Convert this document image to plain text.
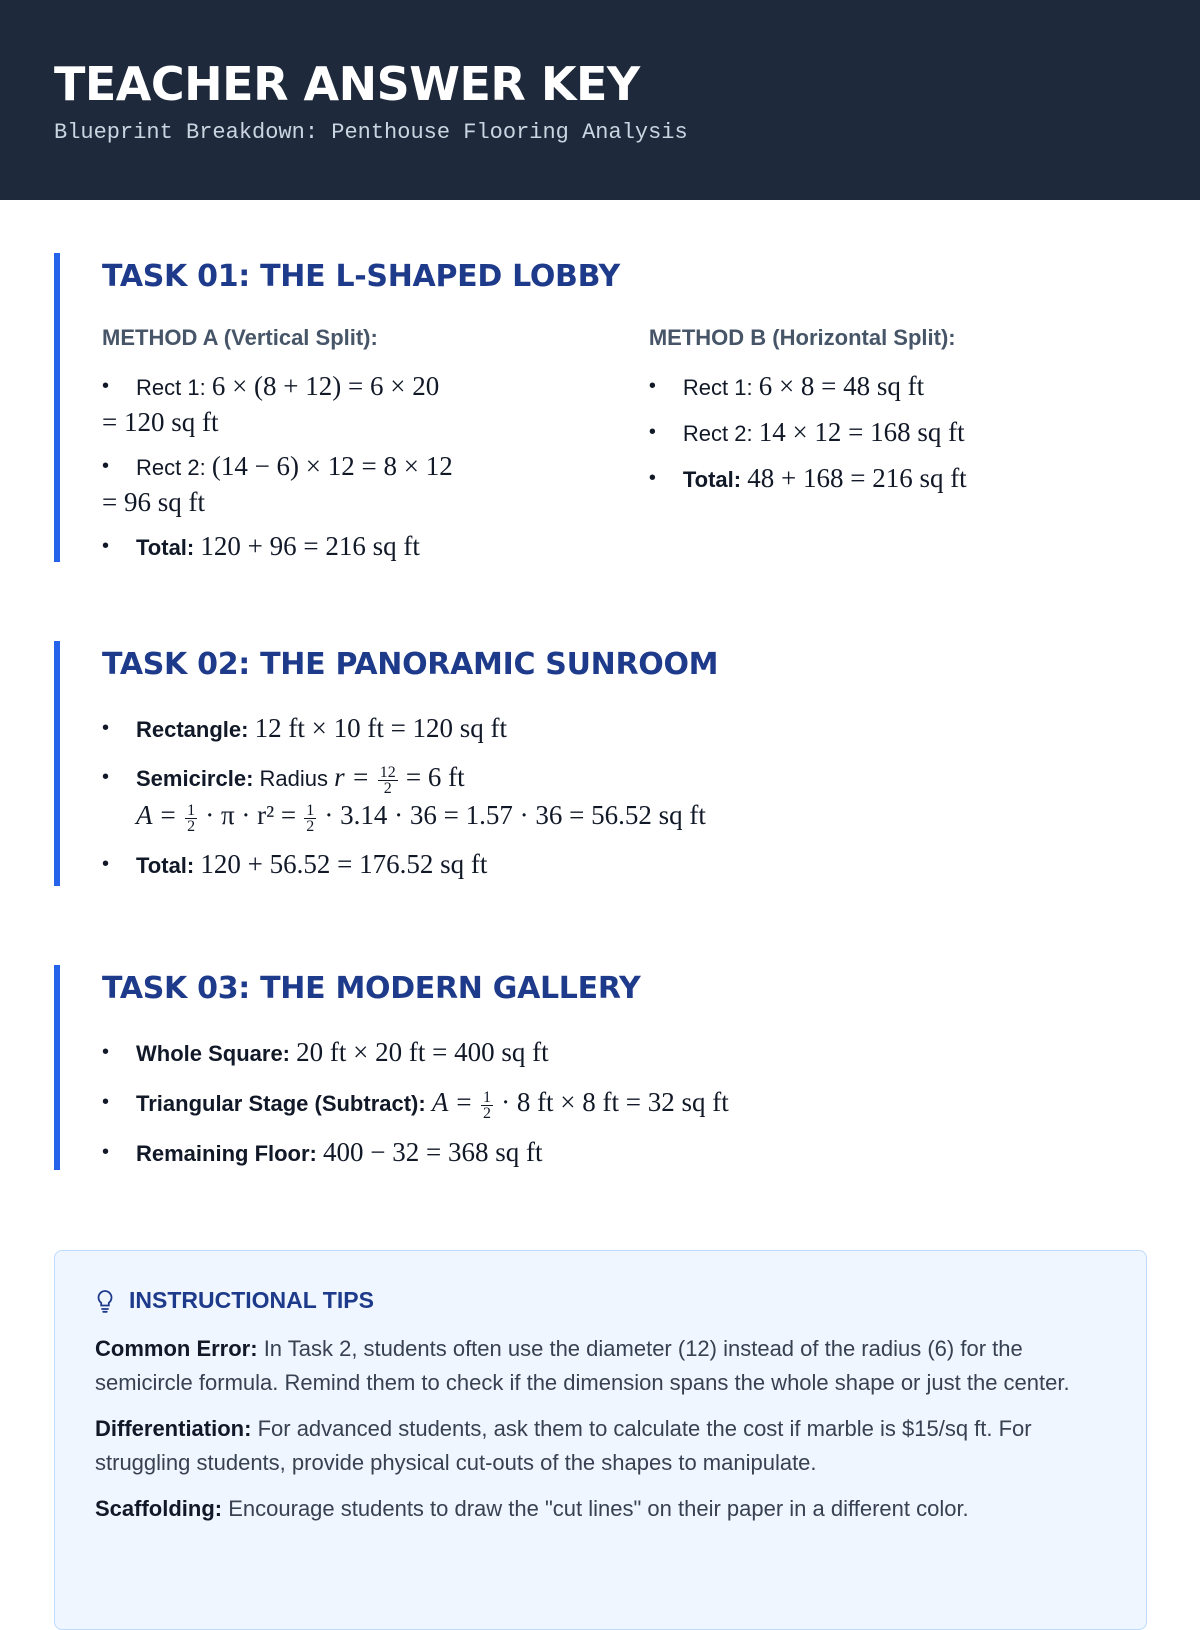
TEACHER ANSWER KEY
Blueprint Breakdown: Penthouse Flooring Analysis
TASK 01: THE L-SHAPED LOBBY
METHOD A (Vertical Split):
• Rect 1: 6 × (8 + 12) = 6 × 20
= 120 sq ft
• Rect 2: (14 − 6) × 12 = 8 × 12
= 96 sq ft
• Total: 120 + 96 = 216 sq ft
METHOD B (Horizontal Split):
• Rect 1: 6 × 8 = 48 sq ft
• Rect 2: 14 × 12 = 168 sq ft
• Total: 48 + 168 = 216 sq ft
TASK 02: THE PANORAMIC SUNROOM
• Rectangle: 12 ft × 10 ft = 120 sq ft
• Semicircle: Radius $r = \frac{12}{2} = 6$ ft
$A = \frac{1}{2} \cdot \pi \cdot r^2 = \frac{1}{2} \cdot 3.14 \cdot 36 = 1.57 \cdot 36 = 56.52$ sq ft
• Total: 120 + 56.52 = 176.52 sq ft
TASK 03: THE MODERN GALLERY
• Whole Square: 20 ft × 20 ft = 400 sq ft
• Triangular Stage (Subtract): $A = \frac{1}{2} \cdot 8$ ft × 8 ft = 32 sq ft
• Remaining Floor: 400 − 32 = 368 sq ft
INSTRUCTIONAL TIPS

Common Error: In Task 2, students often use the diameter (12) instead of the radius (6) for the semicircle formula. Remind them to check if the dimension spans the whole shape or just the center.

Differentiation: For advanced students, ask them to calculate the cost if marble is $15/sq ft. For struggling students, provide physical cut-outs of the shapes to manipulate.

Scaffolding: Encourage students to draw the "cut lines" on their paper in a different color.
